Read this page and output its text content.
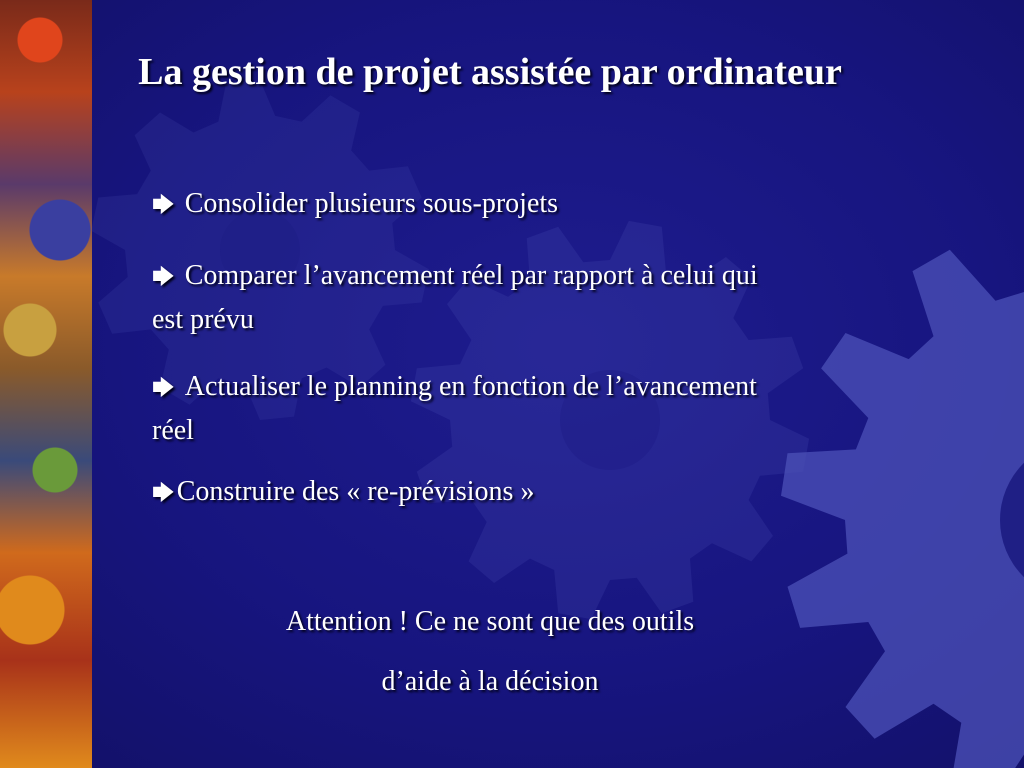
La gestion de projet assistée par ordinateur
🡆 Consolider plusieurs sous-projets
🡆 Comparer l’avancement réel par rapport à celui qui est prévu
🡆 Actualiser le planning en fonction de l’avancement réel
🡆Construire des « re-prévisions »
Attention ! Ce ne sont que des outils
d’aide à la décision
